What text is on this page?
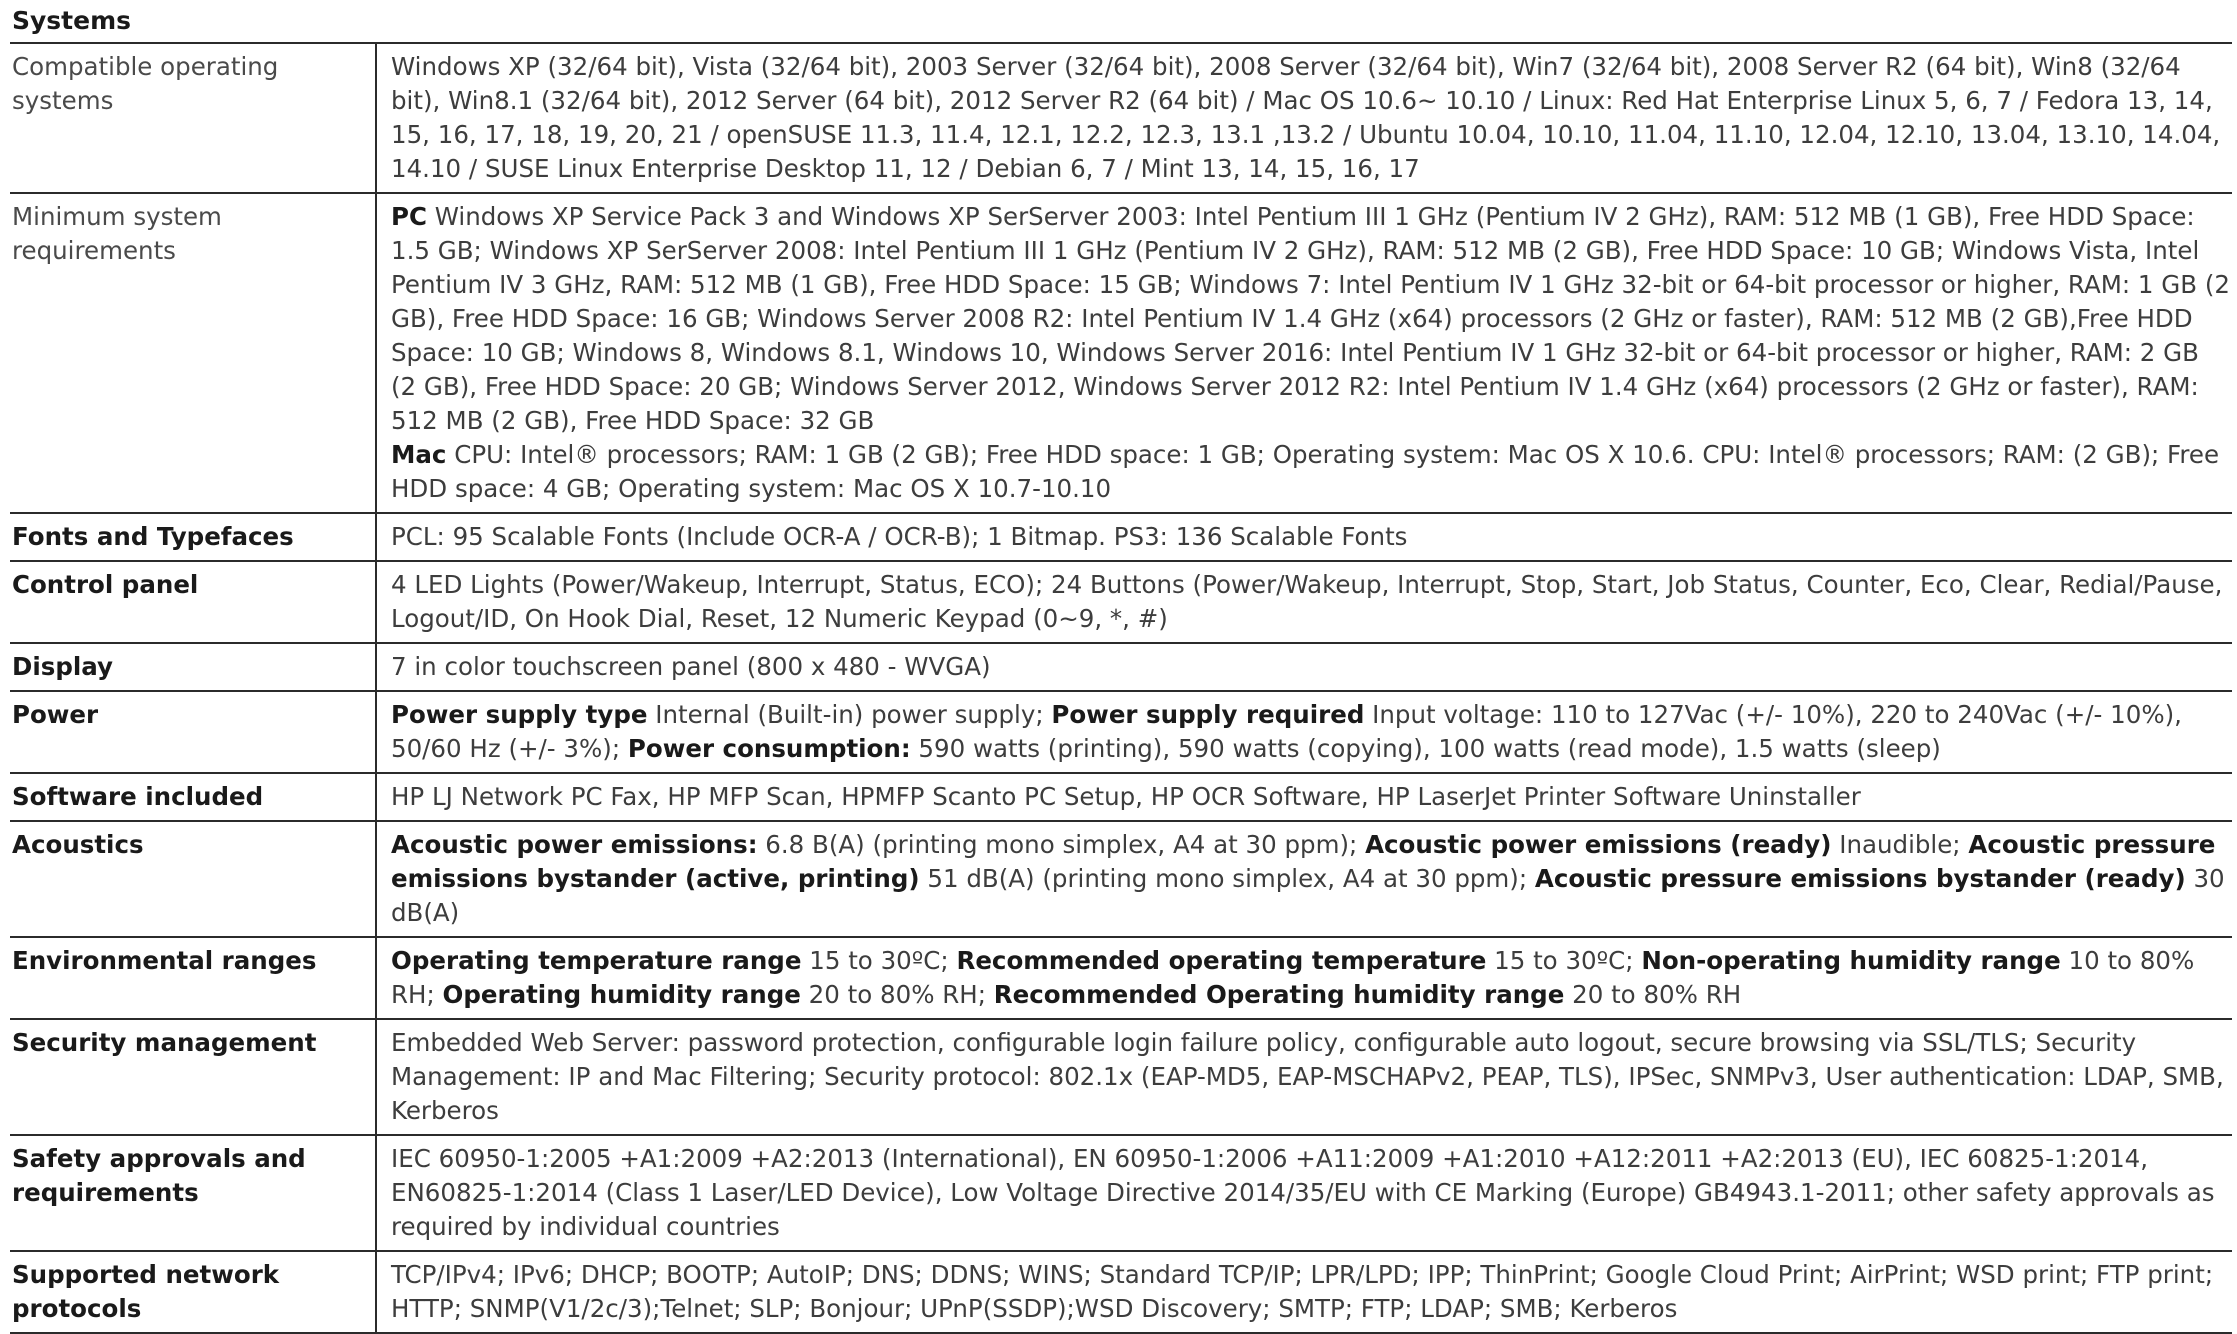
Systems
Compatible operating systems	Windows XP (32/64 bit), Vista (32/64 bit), 2003 Server (32/64 bit), 2008 Server (32/64 bit), Win7 (32/64 bit), 2008 Server R2 (64 bit), Win8 (32/64 bit), Win8.1 (32/64 bit), 2012 Server (64 bit), 2012 Server R2 (64 bit) / Mac OS 10.6~ 10.10 / Linux: Red Hat Enterprise Linux 5, 6, 7 / Fedora 13, 14, 15, 16, 17, 18, 19, 20, 21 / openSUSE 11.3, 11.4, 12.1, 12.2, 12.3, 13.1 ,13.2 / Ubuntu 10.04, 10.10, 11.04, 11.10, 12.04, 12.10, 13.04, 13.10, 14.04, 14.10 / SUSE Linux Enterprise Desktop 11, 12 / Debian 6, 7 / Mint 13, 14, 15, 16, 17
Minimum system requirements	PC Windows XP Service Pack 3 and Windows XP SerServer 2003: Intel Pentium III 1 GHz (Pentium IV 2 GHz), RAM: 512 MB (1 GB), Free HDD Space: 1.5 GB; Windows XP SerServer 2008: Intel Pentium III 1 GHz (Pentium IV 2 GHz), RAM: 512 MB (2 GB), Free HDD Space: 10 GB; Windows Vista, Intel Pentium IV 3 GHz, RAM: 512 MB (1 GB), Free HDD Space: 15 GB; Windows 7: Intel Pentium IV 1 GHz 32-bit or 64-bit processor or higher, RAM: 1 GB (2 GB), Free HDD Space: 16 GB; Windows Server 2008 R2: Intel Pentium IV 1.4 GHz (x64) processors (2 GHz or faster), RAM: 512 MB (2 GB),Free HDD Space: 10 GB; Windows 8, Windows 8.1, Windows 10, Windows Server 2016: Intel Pentium IV 1 GHz 32-bit or 64-bit processor or higher, RAM: 2 GB (2 GB), Free HDD Space: 20 GB; Windows Server 2012, Windows Server 2012 R2: Intel Pentium IV 1.4 GHz (x64) processors (2 GHz or faster), RAM: 512 MB (2 GB), Free HDD Space: 32 GB
Mac CPU: Intel® processors; RAM: 1 GB (2 GB); Free HDD space: 1 GB; Operating system: Mac OS X 10.6. CPU: Intel® processors; RAM: (2 GB); Free HDD space: 4 GB; Operating system: Mac OS X 10.7-10.10

Fonts and Typefaces	PCL: 95 Scalable Fonts (Include OCR-A / OCR-B); 1 Bitmap. PS3: 136 Scalable Fonts
Control panel	4 LED Lights (Power/Wakeup, Interrupt, Status, ECO); 24 Buttons (Power/Wakeup, Interrupt, Stop, Start, Job Status, Counter, Eco, Clear, Redial/Pause, Logout/ID, On Hook Dial, Reset, 12 Numeric Keypad (0~9, *, #)
Display	7 in color touchscreen panel (800 x 480 - WVGA)
Power	Power supply type Internal (Built-in) power supply; Power supply required Input voltage: 110 to 127Vac (+/- 10%), 220 to 240Vac (+/- 10%), 50/60 Hz (+/- 3%); Power consumption: 590 watts (printing), 590 watts (copying), 100 watts (read mode), 1.5 watts (sleep)
Software included	HP LJ Network PC Fax, HP MFP Scan, HPMFP Scanto PC Setup, HP OCR Software, HP LaserJet Printer Software Uninstaller
Acoustics	Acoustic power emissions: 6.8 B(A) (printing mono simplex, A4 at 30 ppm); Acoustic power emissions (ready) Inaudible; Acoustic pressure emissions bystander (active, printing) 51 dB(A) (printing mono simplex, A4 at 30 ppm); Acoustic pressure emissions bystander (ready) 30 dB(A)
Environmental ranges	Operating temperature range 15 to 30ºC; Recommended operating temperature 15 to 30ºC; Non-operating humidity range 10 to 80% RH; Operating humidity range 20 to 80% RH; Recommended Operating humidity range 20 to 80% RH
Security management	Embedded Web Server: password protection, configurable login failure policy, configurable auto logout, secure browsing via SSL/TLS; Security Management: IP and Mac Filtering; Security protocol: 802.1x (EAP-MD5, EAP-MSCHAPv2, PEAP, TLS), IPSec, SNMPv3, User authentication: LDAP, SMB, Kerberos
Safety approvals and requirements	IEC 60950-1:2005 +A1:2009 +A2:2013 (International), EN 60950-1:2006 +A11:2009 +A1:2010 +A12:2011 +A2:2013 (EU), IEC 60825-1:2014, EN60825-1:2014 (Class 1 Laser/LED Device), Low Voltage Directive 2014/35/EU with CE Marking (Europe) GB4943.1-2011; other safety approvals as required by individual countries
Supported network protocols	TCP/IPv4; IPv6; DHCP; BOOTP; AutoIP; DNS; DDNS; WINS; Standard TCP/IP; LPR/LPD; IPP; ThinPrint; Google Cloud Print; AirPrint; WSD print; FTP print; HTTP; SNMP(V1/2c/3);Telnet; SLP; Bonjour; UPnP(SSDP);WSD Discovery; SMTP; FTP; LDAP; SMB; Kerberos
